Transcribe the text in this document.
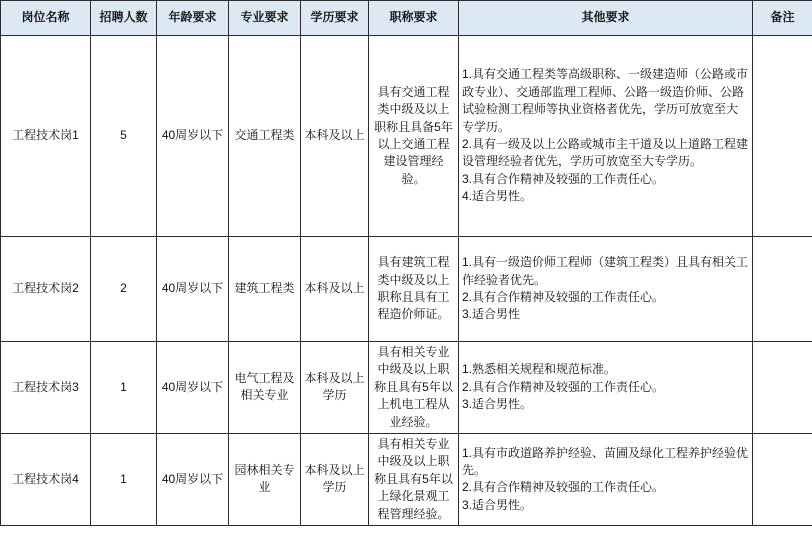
岗位名称	招聘人数	年龄要求	专业要求	学历要求	职称要求	其他要求	备注
工程技术岗1	5	40周岁以下	交通工程类	本科及以上	具有交通工程类中级及以上职称且具备5年以上交通工程建设管理经验。	1.具有交通工程类等高级职称、一级建造师（公路或市政专业）、交通部监理工程师、公路一级造价师、公路试验检测工程师等执业资格者优先，学历可放宽至大专学历。

2.具有一级及以上公路或城市主干道及以上道路工程建设管理经验者优先，学历可放宽至大专学历。

3.具有合作精神及较强的工作责任心。

4.适合男性。	

工程技术岗2	2	40周岁以下	建筑工程类	本科及以上	具有建筑工程类中级及以上职称且具有工程造价师证。	1.具有一级造价师工程师（建筑工程类）且具有相关工作经验者优先。

2.具有合作精神及较强的工作责任心。

3.适合男性	

工程技术岗3	1	40周岁以下	电气工程及相关专业	本科及以上学历	具有相关专业中级及以上职称且具有5年以上机电工程从业经验。	1.熟悉相关规程和规范标准。

2.具有合作精神及较强的工作责任心。

3.适合男性。	

工程技术岗4	1	40周岁以下	园林相关专业	本科及以上学历	具有相关专业中级及以上职称且具有5年以上绿化景观工程管理经验。	1.具有市政道路养护经验、苗圃及绿化工程养护经验优先。

2.具有合作精神及较强的工作责任心。

3.适合男性。	
